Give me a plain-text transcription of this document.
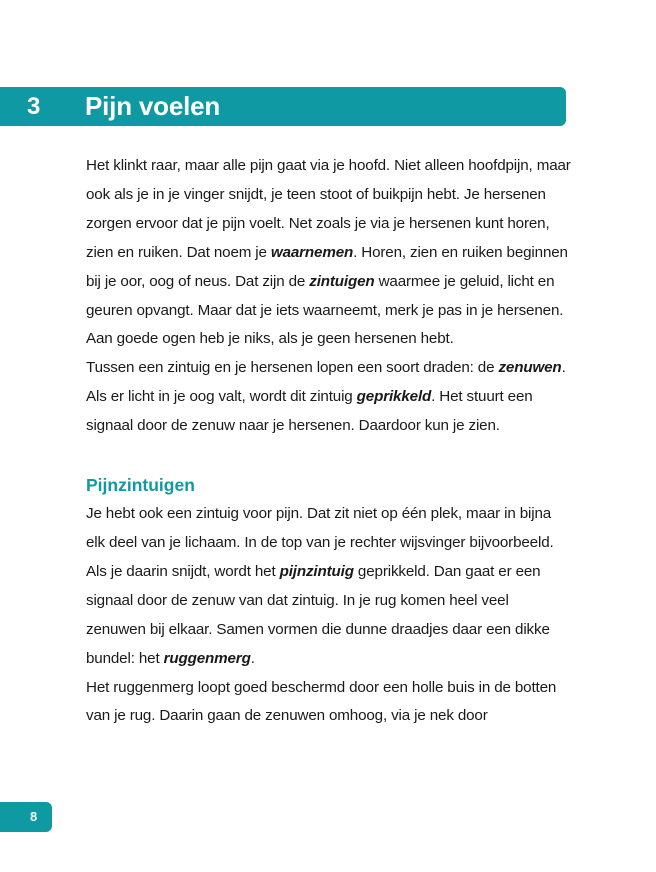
3 Pijn voelen

Het klinkt raar, maar alle pijn gaat via je hoofd. Niet alleen hoofdpijn, maar ook als je in je vinger snijdt, je teen stoot of buikpijn hebt. Je hersenen zorgen ervoor dat je pijn voelt. Net zoals je via je hersenen kunt horen, zien en ruiken. Dat noem je waarnemen. Horen, zien en ruiken beginnen bij je oor, oog of neus. Dat zijn de zintuigen waarmee je geluid, licht en geuren opvangt. Maar dat je iets waarneemt, merk je pas in je hersenen. Aan goede ogen heb je niks, als je geen hersenen hebt.

Tussen een zintuig en je hersenen lopen een soort draden: de zenuwen. Als er licht in je oog valt, wordt dit zintuig geprikkeld. Het stuurt een signaal door de zenuw naar je hersenen. Daardoor kun je zien.

Pijnzintuigen

Je hebt ook een zintuig voor pijn. Dat zit niet op één plek, maar in bijna elk deel van je lichaam. In de top van je rechter wijsvinger bijvoorbeeld. Als je daarin snijdt, wordt het pijnzintuig geprikkeld. Dan gaat er een signaal door de zenuw van dat zintuig. In je rug komen heel veel zenuwen bij elkaar. Samen vormen die dunne draadjes daar een dikke bundel: het ruggenmerg.

Het ruggenmerg loopt goed beschermd door een holle buis in de botten van je rug. Daarin gaan de zenuwen omhoog, via je nek door

8
